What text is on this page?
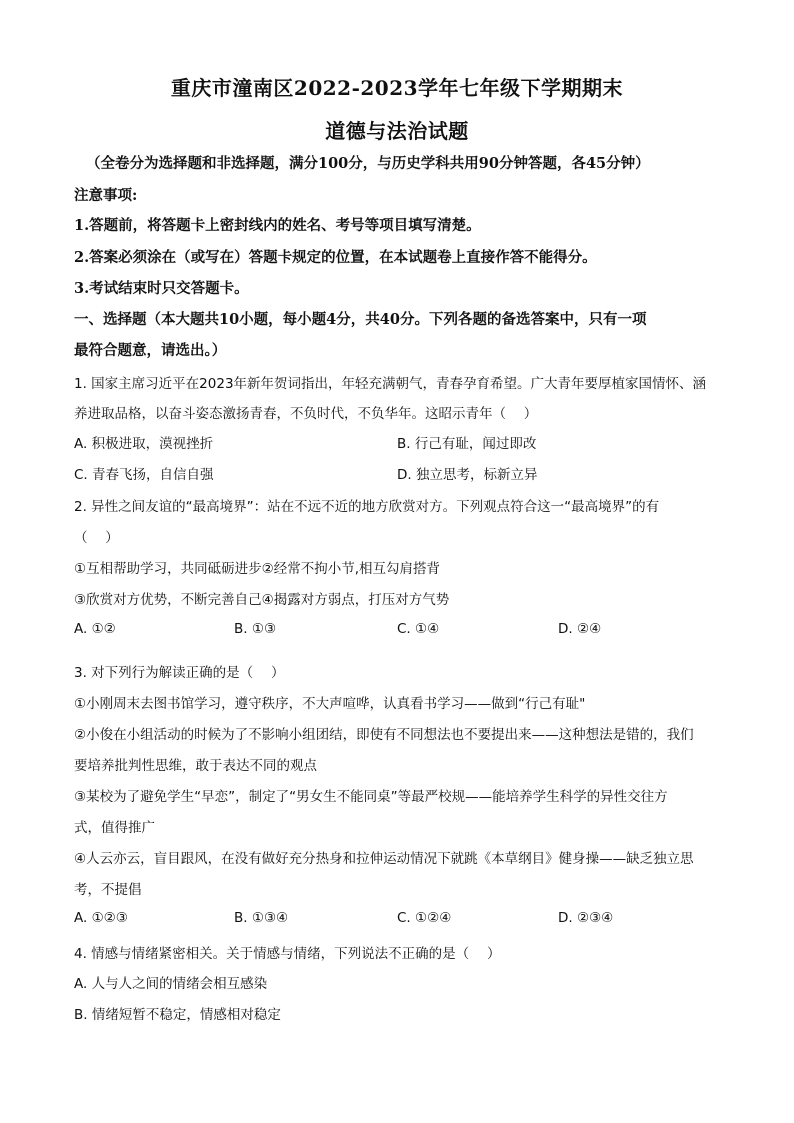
重庆市潼南区2022-2023学年七年级下学期期末
道德与法治试题
（全卷分为选择题和非选择题，满分100分，与历史学科共用90分钟答题，各45分钟）
注意事项:
1.答题前，将答题卡上密封线内的姓名、考号等项目填写清楚。
2.答案必须涂在（或写在）答题卡规定的位置，在本试题卷上直接作答不能得分。
3.考试结束时只交答题卡。
一、选择题（本大题共10小题，每小题4分，共40分。下列各题的备选答案中，只有一项
最符合题意，请选出。）
1. 国家主席习近平在2023年新年贺词指出，年轻充满朝气，青春孕育希望。广大青年要厚植家国情怀、涵
养进取品格，以奋斗姿态激扬青春，不负时代，不负华年。这昭示青年（　 ）
A. 积极进取，漠视挫折	B. 行己有耻，闻过即改
C. 青春飞扬，自信自强	D. 独立思考，标新立异
2. 异性之间友谊的“最高境界”：站在不远不近的地方欣赏对方。下列观点符合这一“最高境界”的有
（　 ）
①互相帮助学习，共同砥砺进步②经常不拘小节,相互勾肩搭背
③欣赏对方优势，不断完善自己④揭露对方弱点，打压对方气势
A. ①②	B. ①③	C. ①④	D. ②④
3. 对下列行为解读正确的是（　 ）
①小刚周末去图书馆学习，遵守秩序，不大声喧哗，认真看书学习——做到“行己有耻"
②小俊在小组活动的时候为了不影响小组团结，即使有不同想法也不要提出来——这种想法是错的，我们
要培养批判性思维，敢于表达不同的观点
③某校为了避免学生“早恋”，制定了“男女生不能同桌”等最严校规——能培养学生科学的异性交往方
式，值得推广
④人云亦云，盲目跟风，在没有做好充分热身和拉伸运动情况下就跳《本草纲目》健身操——缺乏独立思
考，不提倡
A. ①②③	B. ①③④	C. ①②④	D. ②③④
4. 情感与情绪紧密相关。关于情感与情绪，下列说法不正确的是（　 ）
A. 人与人之间的情绪会相互感染
B. 情绪短暂不稳定，情感相对稳定
